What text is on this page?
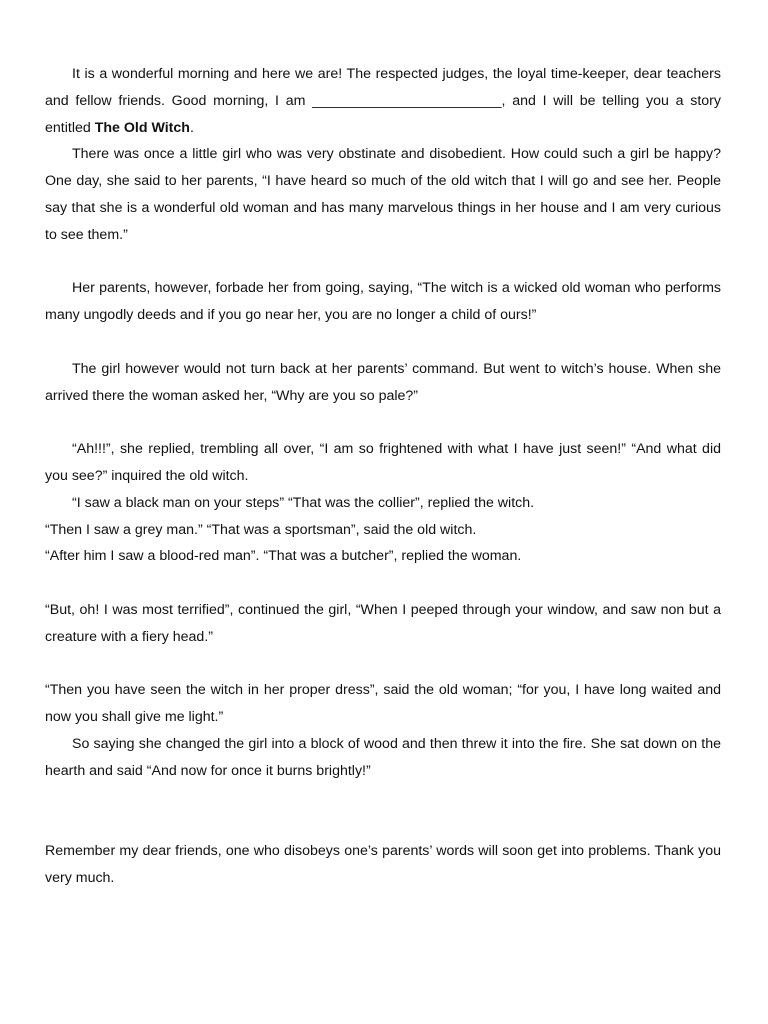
It is a wonderful morning and here we are! The respected judges, the loyal time-keeper, dear teachers and fellow friends. Good morning, I am ________________________, and I will be telling you a story entitled The Old Witch.

There was once a little girl who was very obstinate and disobedient. How could such a girl be happy? One day, she said to her parents, “I have heard so much of the old witch that I will go and see her. People say that she is a wonderful old woman and has many marvelous things in her house and I am very curious to see them.”

Her parents, however, forbade her from going, saying, “The witch is a wicked old woman who performs many ungodly deeds and if you go near her, you are no longer a child of ours!”

The girl however would not turn back at her parents’ command. But went to witch’s house. When she arrived there the woman asked her, “Why are you so pale?”

“Ah!!!”, she replied, trembling all over, “I am so frightened with what I have just seen!” “And what did you see?” inquired the old witch.

“I saw a black man on your steps” “That was the collier”, replied the witch.

“Then I saw a grey man.” “That was a sportsman”, said the old witch.

“After him I saw a blood-red man”. “That was a butcher”, replied the woman.

“But, oh! I was most terrified”, continued the girl, “When I peeped through your window, and saw non but a creature with a fiery head.”

“Then you have seen the witch in her proper dress”, said the old woman; “for you, I have long waited and now you shall give me light.”

So saying she changed the girl into a block of wood and then threw it into the fire. She sat down on the hearth and said “And now for once it burns brightly!”

Remember my dear friends, one who disobeys one’s parents’ words will soon get into problems. Thank you very much.
